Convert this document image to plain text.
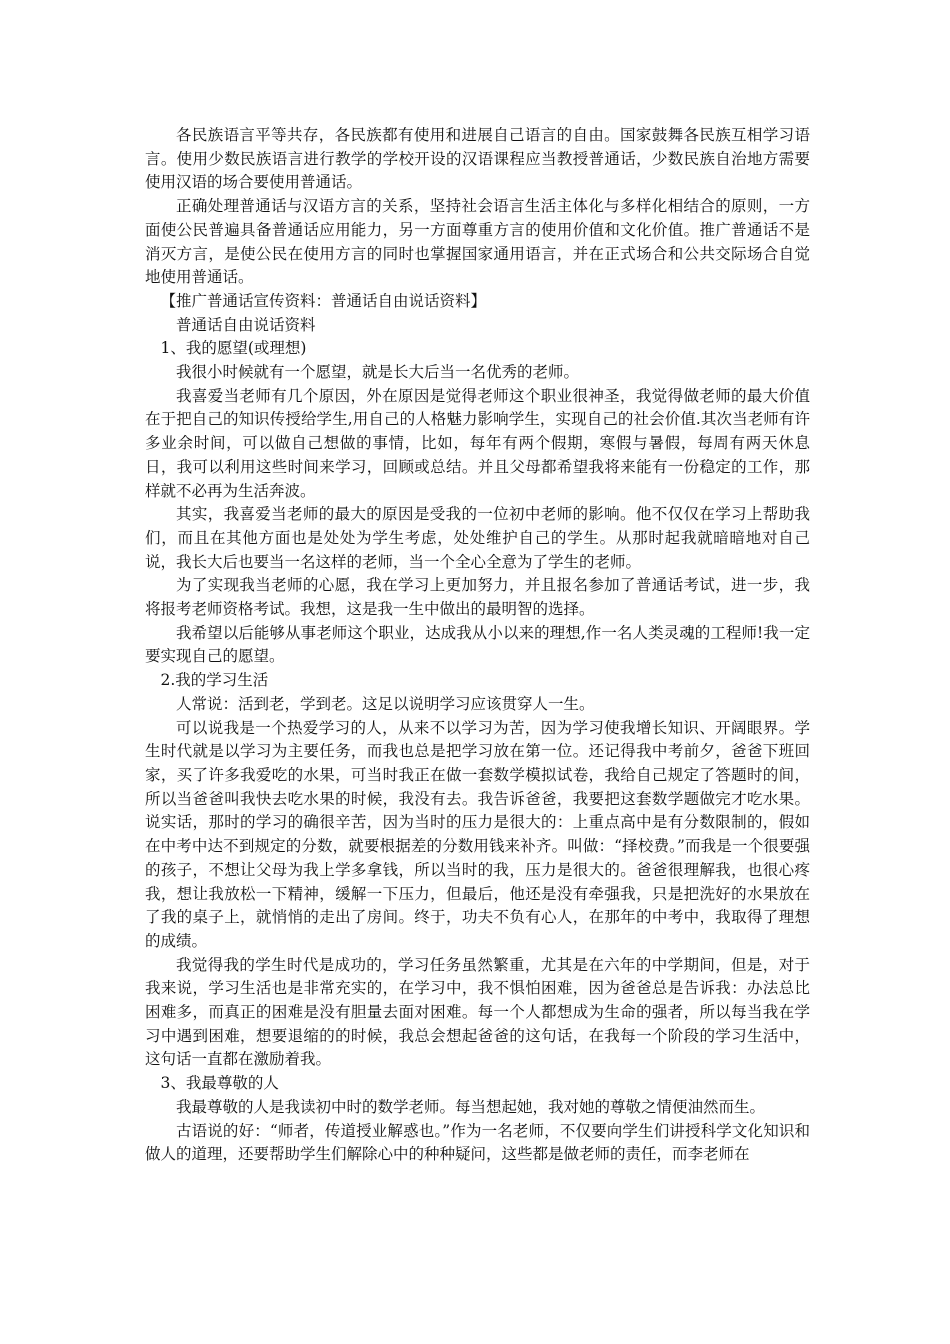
各民族语言平等共存，各民族都有使用和进展自己语言的自由。国家鼓舞各民族互相学习语言。使用少数民族语言进行教学的学校开设的汉语课程应当教授普通话，少数民族自治地方需要使用汉语的场合要使用普通话。

正确处理普通话与汉语方言的关系，坚持社会语言生活主体化与多样化相结合的原则，一方面使公民普遍具备普通话应用能力，另一方面尊重方言的使用价值和文化价值。推广普通话不是消灭方言，是使公民在使用方言的同时也掌握国家通用语言，并在正式场合和公共交际场合自觉地使用普通话。

【推广普通话宣传资料：普通话自由说话资料】

普通话自由说话资料

1、我的愿望(或理想)

我很小时候就有一个愿望，就是长大后当一名优秀的老师。

我喜爱当老师有几个原因，外在原因是觉得老师这个职业很神圣，我觉得做老师的最大价值在于把自己的知识传授给学生,用自己的人格魅力影响学生，实现自己的社会价值.其次当老师有许多业余时间，可以做自己想做的事情，比如，每年有两个假期，寒假与暑假，每周有两天休息日，我可以利用这些时间来学习，回顾或总结。并且父母都希望我将来能有一份稳定的工作，那样就不必再为生活奔波。

其实，我喜爱当老师的最大的原因是受我的一位初中老师的影响。他不仅仅在学习上帮助我们，而且在其他方面也是处处为学生考虑，处处维护自己的学生。从那时起我就暗暗地对自己说，我长大后也要当一名这样的老师，当一个全心全意为了学生的老师。

为了实现我当老师的心愿，我在学习上更加努力，并且报名参加了普通话考试，进一步，我将报考老师资格考试。我想，这是我一生中做出的最明智的选择。

我希望以后能够从事老师这个职业，达成我从小以来的理想,作一名人类灵魂的工程师!我一定要实现自己的愿望。

2.我的学习生活

人常说：活到老，学到老。这足以说明学习应该贯穿人一生。

可以说我是一个热爱学习的人，从来不以学习为苦，因为学习使我增长知识、开阔眼界。学生时代就是以学习为主要任务，而我也总是把学习放在第一位。还记得我中考前夕，爸爸下班回家，买了许多我爱吃的水果，可当时我正在做一套数学模拟试卷，我给自己规定了答题时的间，所以当爸爸叫我快去吃水果的时候，我没有去。我告诉爸爸，我要把这套数学题做完才吃水果。说实话，那时的学习的确很辛苦，因为当时的压力是很大的：上重点高中是有分数限制的，假如在中考中达不到规定的分数，就要根据差的分数用钱来补齐。叫做：“择校费。”而我是一个很要强的孩子，不想让父母为我上学多拿钱，所以当时的我，压力是很大的。爸爸很理解我，也很心疼我，想让我放松一下精神，缓解一下压力，但最后，他还是没有牵强我，只是把洗好的水果放在了我的桌子上，就悄悄的走出了房间。终于，功夫不负有心人，在那年的中考中，我取得了理想的成绩。

我觉得我的学生时代是成功的，学习任务虽然繁重，尤其是在六年的中学期间，但是，对于我来说，学习生活也是非常充实的，在学习中，我不惧怕困难，因为爸爸总是告诉我：办法总比困难多，而真正的困难是没有胆量去面对困难。每一个人都想成为生命的强者，所以每当我在学习中遇到困难，想要退缩的的时候，我总会想起爸爸的这句话，在我每一个阶段的学习生活中，这句话一直都在激励着我。

3、我最尊敬的人

我最尊敬的人是我读初中时的数学老师。每当想起她，我对她的尊敬之情便油然而生。

古语说的好：“师者，传道授业解惑也。”作为一名老师，不仅要向学生们讲授科学文化知识和做人的道理，还要帮助学生们解除心中的种种疑问，这些都是做老师的责任，而李老师在
